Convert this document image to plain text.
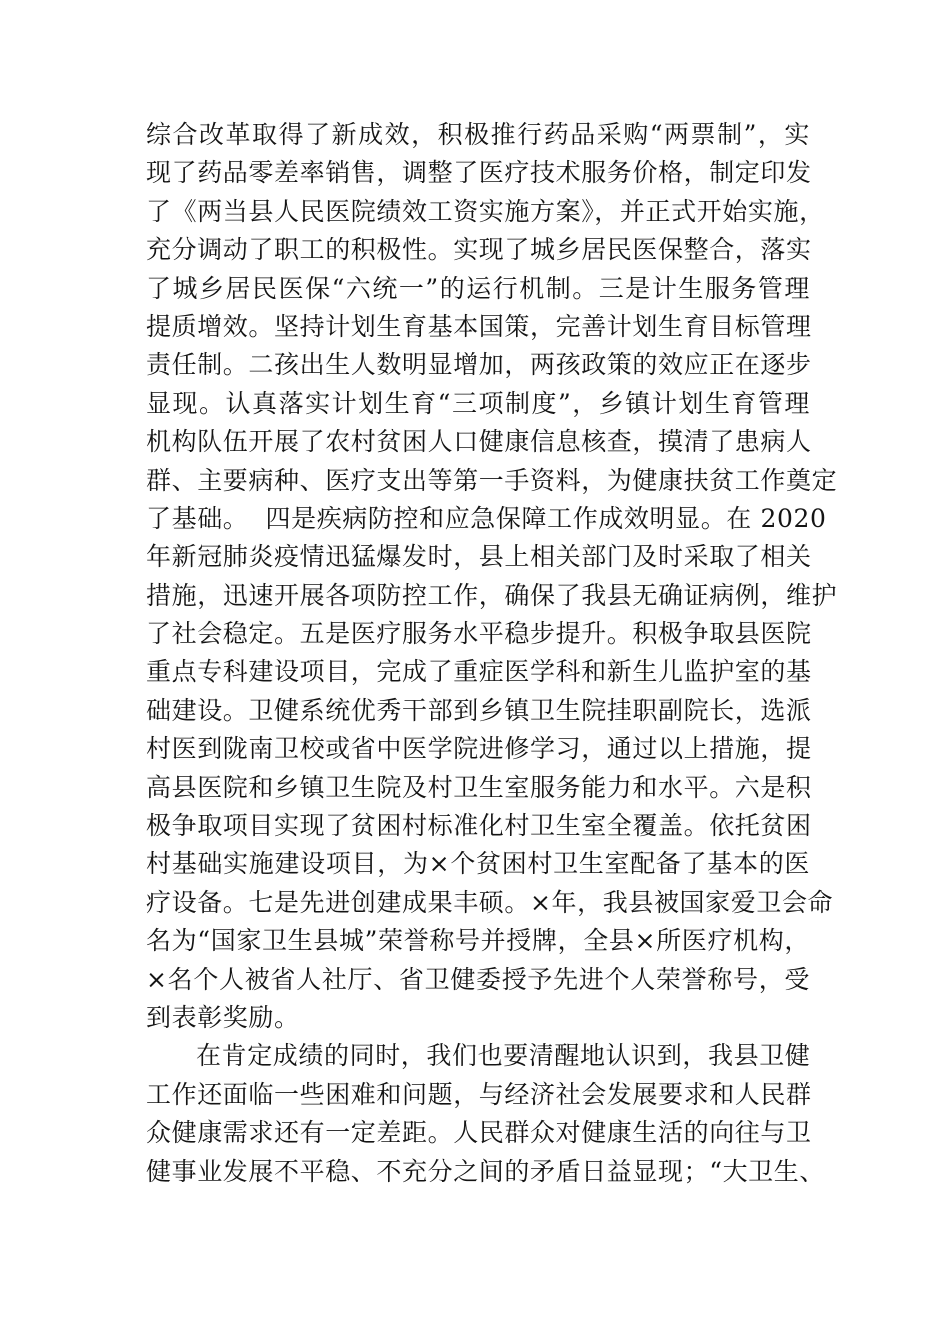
综合改革取得了新成效，积极推行药品采购“两票制”，实
现了药品零差率销售，调整了医疗技术服务价格，制定印发
了《两当县人民医院绩效工资实施方案》，并正式开始实施，
充分调动了职工的积极性。实现了城乡居民医保整合，落实
了城乡居民医保“六统一”的运行机制。三是计生服务管理
提质增效。坚持计划生育基本国策，完善计划生育目标管理
责任制。二孩出生人数明显增加，两孩政策的效应正在逐步
显现。认真落实计划生育“三项制度”，乡镇计划生育管理
机构队伍开展了农村贫困人口健康信息核查，摸清了患病人
群、主要病种、医疗支出等第一手资料，为健康扶贫工作奠定
了基础。  四是疾病防控和应急保障工作成效明显。在 2020
年新冠肺炎疫情迅猛爆发时，县上相关部门及时采取了相关
措施，迅速开展各项防控工作，确保了我县无确证病例，维护
了社会稳定。五是医疗服务水平稳步提升。积极争取县医院
重点专科建设项目，完成了重症医学科和新生儿监护室的基
础建设。卫健系统优秀干部到乡镇卫生院挂职副院长，选派
村医到陇南卫校或省中医学院进修学习，通过以上措施，提
高县医院和乡镇卫生院及村卫生室服务能力和水平。六是积
极争取项目实现了贫困村标准化村卫生室全覆盖。依托贫困
村基础实施建设项目，为×个贫困村卫生室配备了基本的医
疗设备。七是先进创建成果丰硕。×年，我县被国家爱卫会命
名为“国家卫生县城”荣誉称号并授牌，全县×所医疗机构，
×名个人被省人社厅、省卫健委授予先进个人荣誉称号，受
到表彰奖励。
在肯定成绩的同时，我们也要清醒地认识到，我县卫健
工作还面临一些困难和问题，与经济社会发展要求和人民群
众健康需求还有一定差距。人民群众对健康生活的向往与卫
健事业发展不平稳、不充分之间的矛盾日益显现；“大卫生、
